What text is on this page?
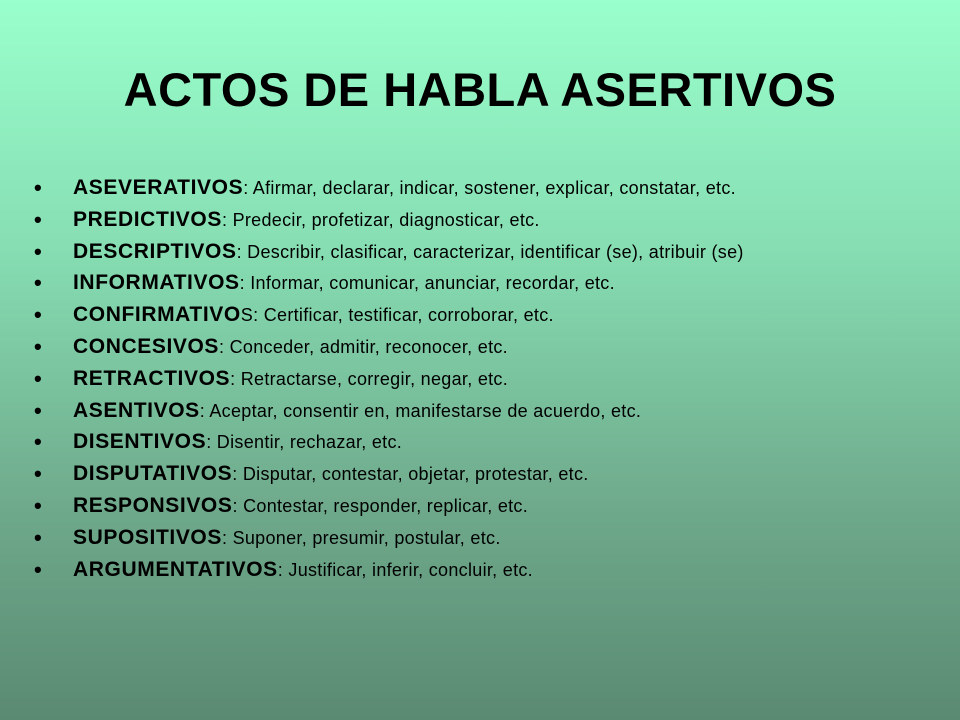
ACTOS DE HABLA ASERTIVOS
• ASEVERATIVOS: Afirmar, declarar, indicar, sostener, explicar, constatar, etc.
• PREDICTIVOS: Predecir, profetizar, diagnosticar, etc.
• DESCRIPTIVOS: Describir, clasificar, caracterizar, identificar (se), atribuir (se)
• INFORMATIVOS: Informar, comunicar, anunciar, recordar, etc.
• CONFIRMATIVOS: Certificar, testificar, corroborar, etc.
• CONCESIVOS: Conceder, admitir, reconocer, etc.
• RETRACTIVOS: Retractarse, corregir, negar, etc.
• ASENTIVOS: Aceptar, consentir en, manifestarse de acuerdo, etc.
• DISENTIVOS: Disentir, rechazar, etc.
• DISPUTATIVOS: Disputar, contestar, objetar, protestar, etc.
• RESPONSIVOS: Contestar, responder, replicar, etc.
• SUPOSITIVOS: Suponer, presumir, postular, etc.
• ARGUMENTATIVOS: Justificar, inferir, concluir, etc.
